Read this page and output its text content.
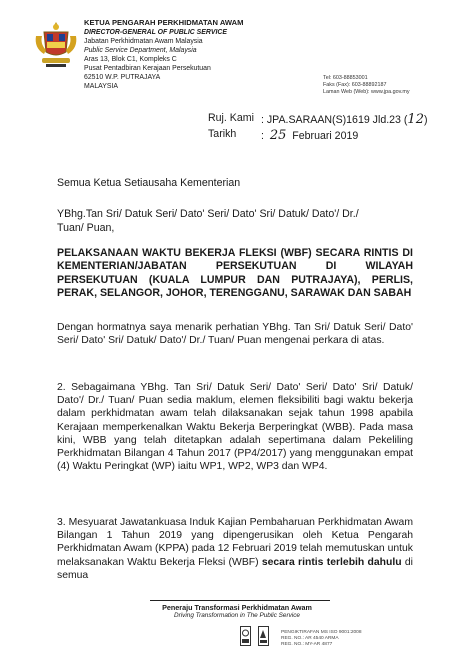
KETUA PENGARAH PERKHIDMATAN AWAM
DIRECTOR-GENERAL OF PUBLIC SERVICE
Jabatan Perkhidmatan Awam Malaysia
Public Service Department, Malaysia
Aras 13, Blok C1, Kompleks C
Pusat Pentadbiran Kerajaan Persekutuan
62510 W.P. PUTRAJAYA
MALAYSIA
Tel: 603-88853001
Faks (Fax): 603-88892187
Laman Web (Web): www.jpa.gov.my
Ruj. Kami : JPA.SARAAN(S)1619 Jld.23 (12)
Tarikh : 25 Februari 2019
Semua Ketua Setiausaha Kementerian
YBhg.Tan Sri/ Datuk Seri/ Dato' Seri/ Dato' Sri/ Datuk/ Dato'/ Dr./
Tuan/ Puan,
PELAKSANAAN WAKTU BEKERJA FLEKSI (WBF) SECARA RINTIS DI KEMENTERIAN/JABATAN PERSEKUTUAN DI WILAYAH PERSEKUTUAN (KUALA LUMPUR DAN PUTRAJAYA), PERLIS, PERAK, SELANGOR, JOHOR, TERENGGANU, SARAWAK DAN SABAH
Dengan hormatnya saya menarik perhatian YBhg. Tan Sri/ Datuk Seri/ Dato' Seri/ Dato' Sri/ Datuk/ Dato'/ Dr./ Tuan/ Puan mengenai perkara di atas.
2. Sebagaimana YBhg. Tan Sri/ Datuk Seri/ Dato' Seri/ Dato' Sri/ Datuk/ Dato'/ Dr./ Tuan/ Puan sedia maklum, elemen fleksibiliti bagi waktu bekerja dalam perkhidmatan awam telah dilaksanakan sejak tahun 1998 apabila Kerajaan memperkenalkan Waktu Bekerja Berperingkat (WBB). Pada masa kini, WBB yang telah ditetapkan adalah sepertimana dalam Pekeliling Perkhidmatan Bilangan 4 Tahun 2017 (PP4/2017) yang menggunakan empat (4) Waktu Peringkat (WP) iaitu WP1, WP2, WP3 dan WP4.
3. Mesyuarat Jawatankuasa Induk Kajian Pembaharuan Perkhidmatan Awam Bilangan 1 Tahun 2019 yang dipengerusikan oleh Ketua Pengarah Perkhidmatan Awam (KPPA) pada 12 Februari 2019 telah memutuskan untuk melaksanakan Waktu Bekerja Fleksi (WBF) secara rintis terlebih dahulu di semua
Peneraju Transformasi Perkhidmatan Awam
Driving Transformation in The Public Service
PENGIKTIRAFAN MS ISO 9001:2008
REG. NO.: AR 4540 ARMA
REG. NO.: MY-AR 4877
